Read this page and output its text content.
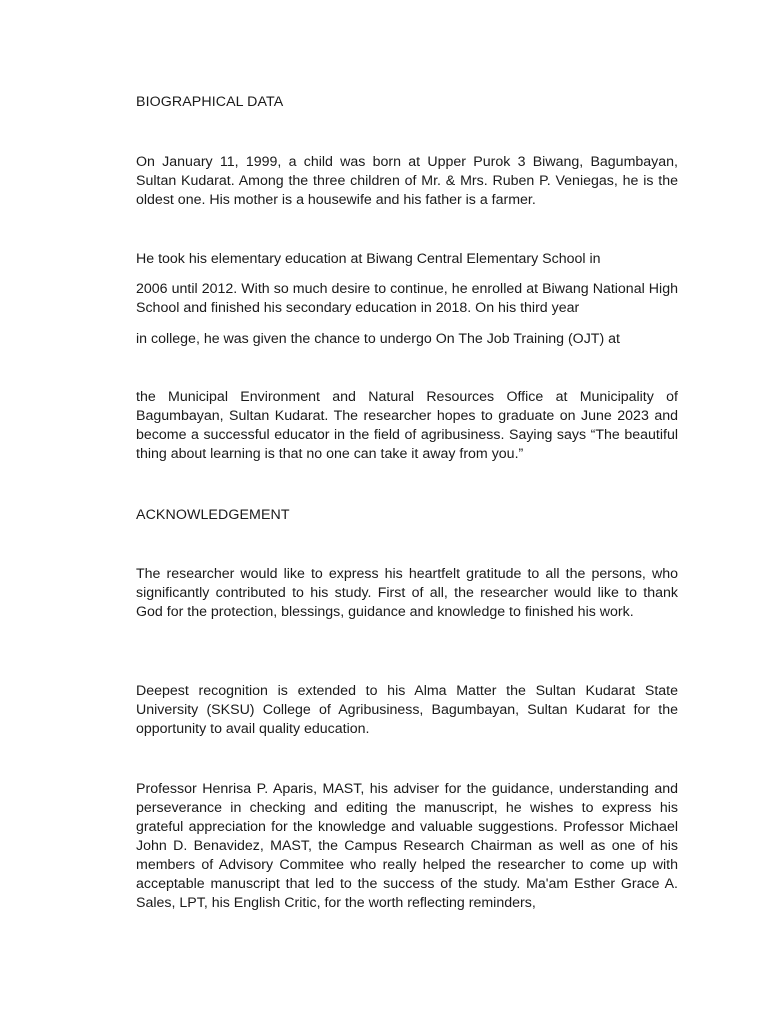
BIOGRAPHICAL DATA

On January 11, 1999, a child was born at Upper Purok 3 Biwang, Bagumbayan, Sultan Kudarat. Among the three children of Mr. & Mrs. Ruben P. Veniegas, he is the oldest one. His mother is a housewife and his father is a farmer.

He took his elementary education at Biwang Central Elementary School in

2006 until 2012. With so much desire to continue, he enrolled at Biwang National High School and finished his secondary education in 2018. On his third year

in college, he was given the chance to undergo On The Job Training (OJT) at

the Municipal Environment and Natural Resources Office at Municipality of Bagumbayan, Sultan Kudarat. The researcher hopes to graduate on June 2023 and become a successful educator in the field of agribusiness. Saying says “The beautiful thing about learning is that no one can take it away from you.”

ACKNOWLEDGEMENT

The researcher would like to express his heartfelt gratitude to all the persons, who significantly contributed to his study. First of all, the researcher would like to thank God for the protection, blessings, guidance and knowledge to finished his work.

Deepest recognition is extended to his Alma Matter the Sultan Kudarat State University (SKSU) College of Agribusiness, Bagumbayan, Sultan Kudarat for the opportunity to avail quality education.

Professor Henrisa P. Aparis, MAST, his adviser for the guidance, understanding and perseverance in checking and editing the manuscript, he wishes to express his grateful appreciation for the knowledge and valuable suggestions. Professor Michael John D. Benavidez, MAST, the Campus Research Chairman as well as one of his members of Advisory Commitee who really helped the researcher to come up with acceptable manuscript that led to the success of the study. Ma'am Esther Grace A. Sales, LPT, his English Critic, for the worth reflecting reminders,
